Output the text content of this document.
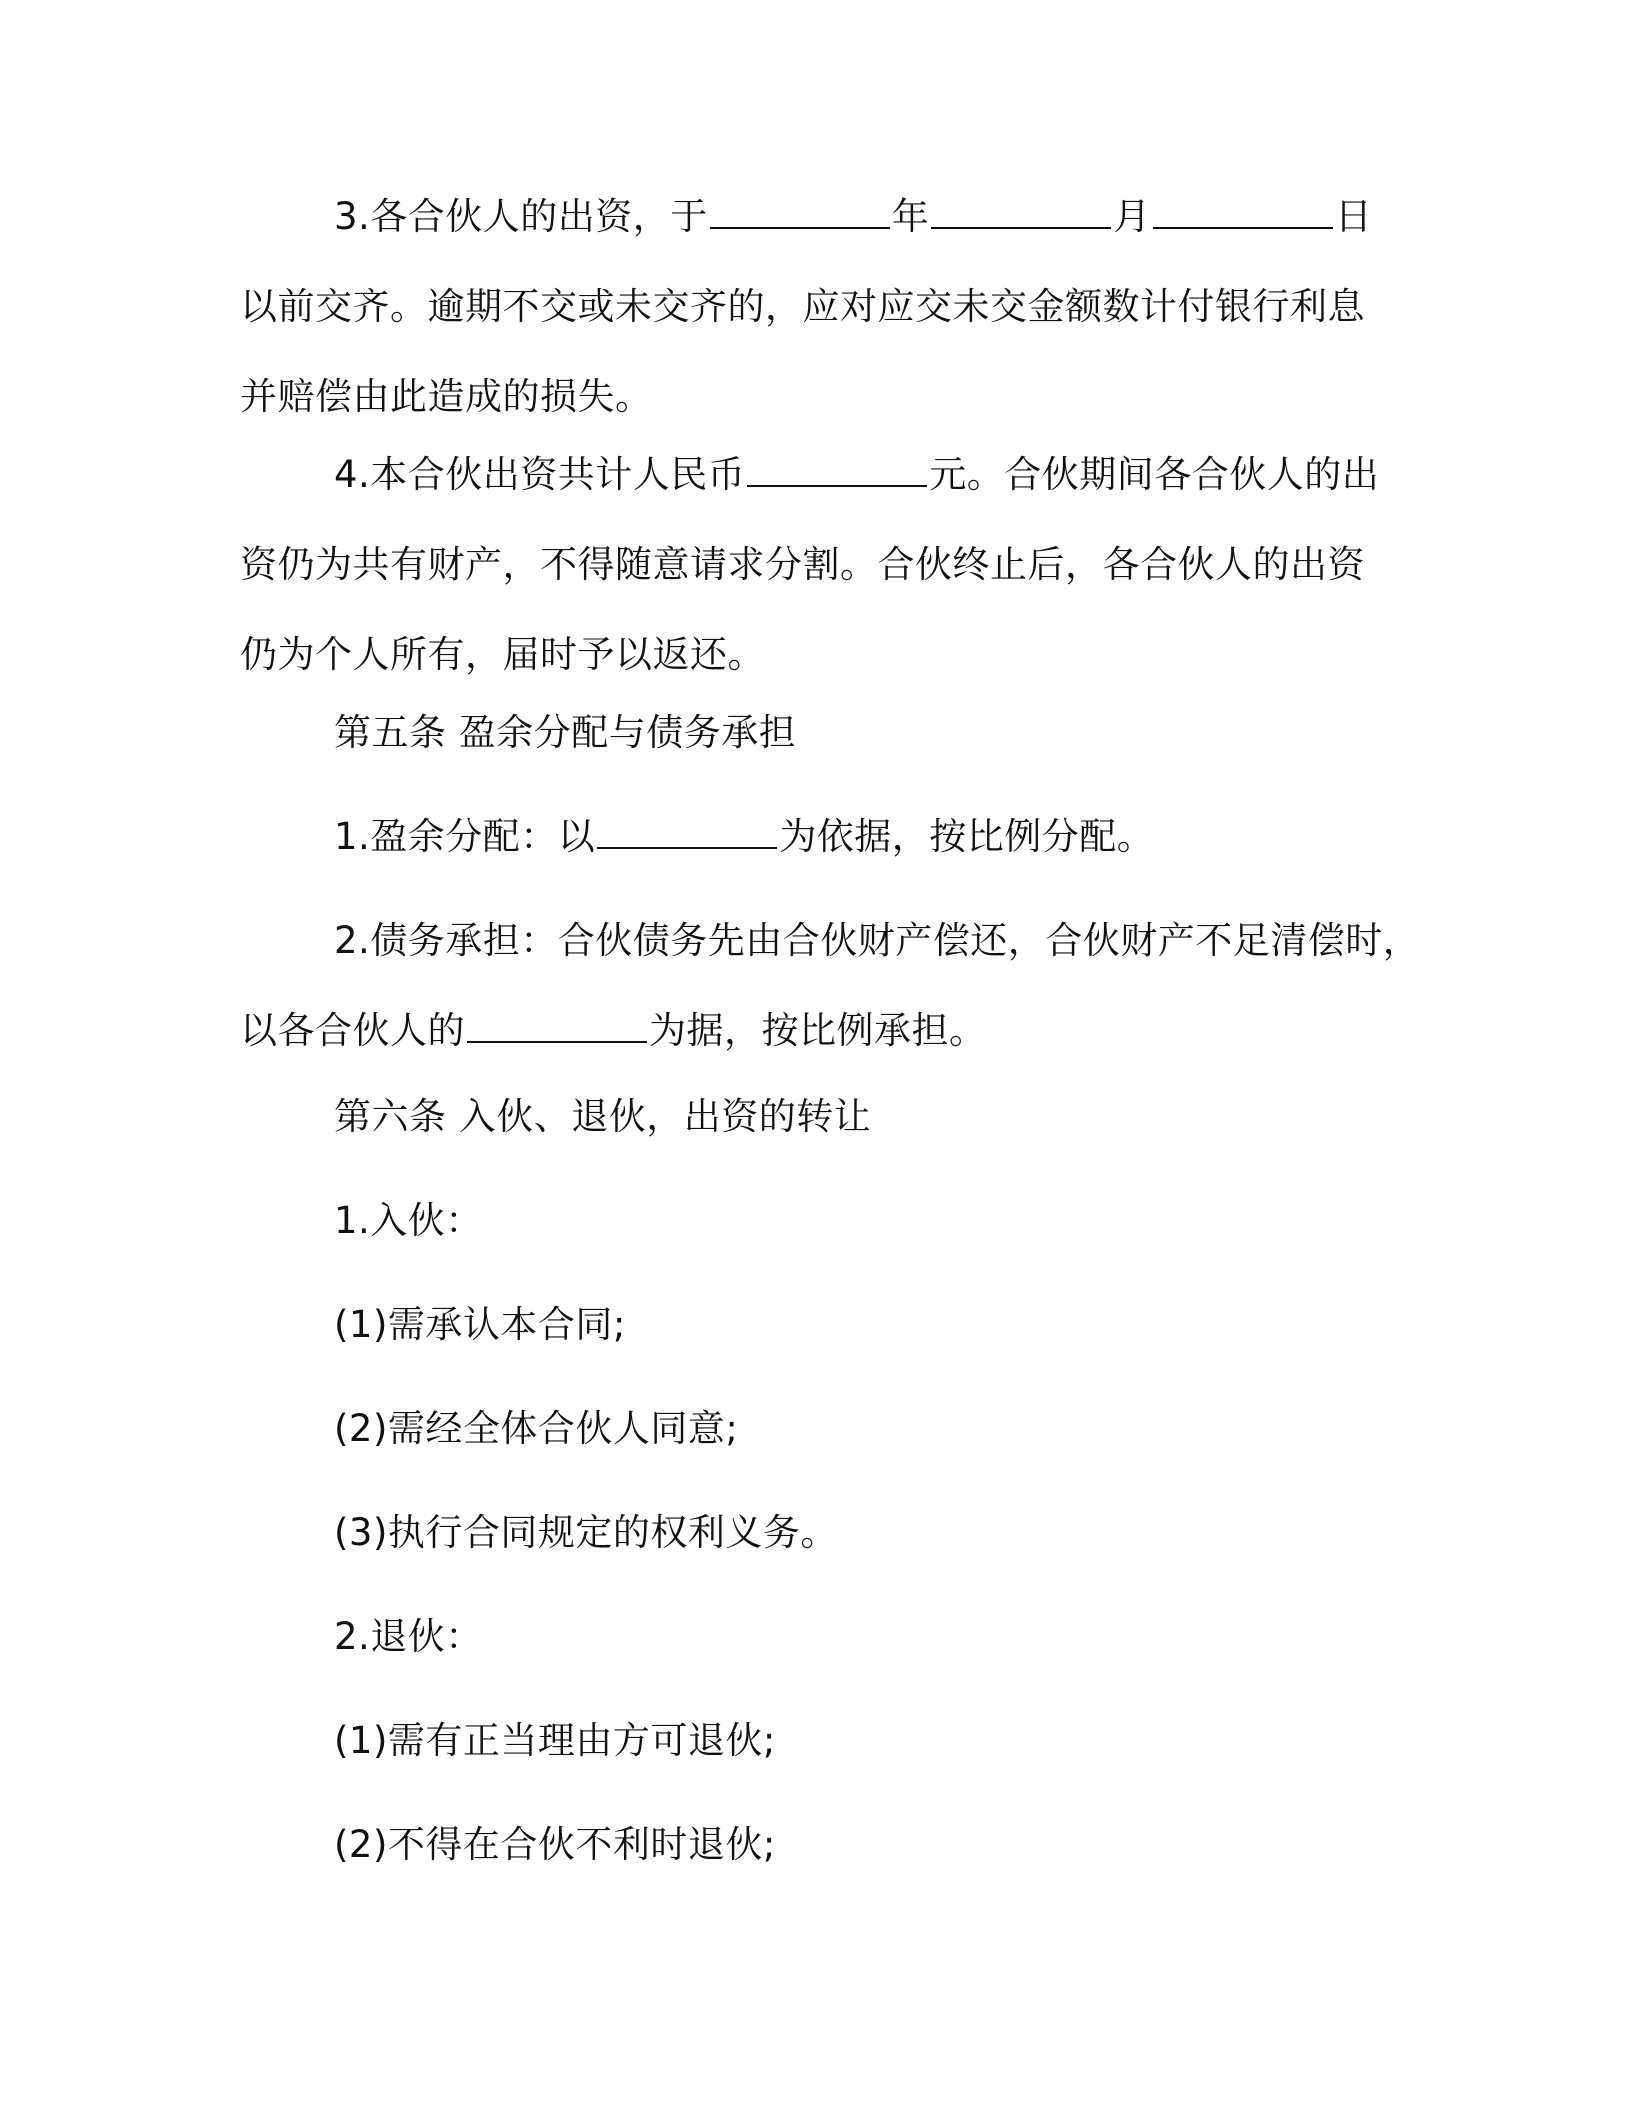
3.各合伙人的出资，于	年	月	日
以前交齐。逾期不交或未交齐的，应对应交未交金额数计付银行利息
并赔偿由此造成的损失。
4.本合伙出资共计人民币	元。合伙期间各合伙人的出
资仍为共有财产，不得随意请求分割。合伙终止后，各合伙人的出资
仍为个人所有，届时予以返还。
第五条 盈余分配与债务承担
1.盈余分配：以	为依据，按比例分配。
2.债务承担：合伙债务先由合伙财产偿还，合伙财产不足清偿时，
以各合伙人的	为据，按比例承担。
第六条 入伙、退伙，出资的转让
1.入伙：
(1)需承认本合同;
(2)需经全体合伙人同意;
(3)执行合同规定的权利义务。
2.退伙：
(1)需有正当理由方可退伙;
(2)不得在合伙不利时退伙;
